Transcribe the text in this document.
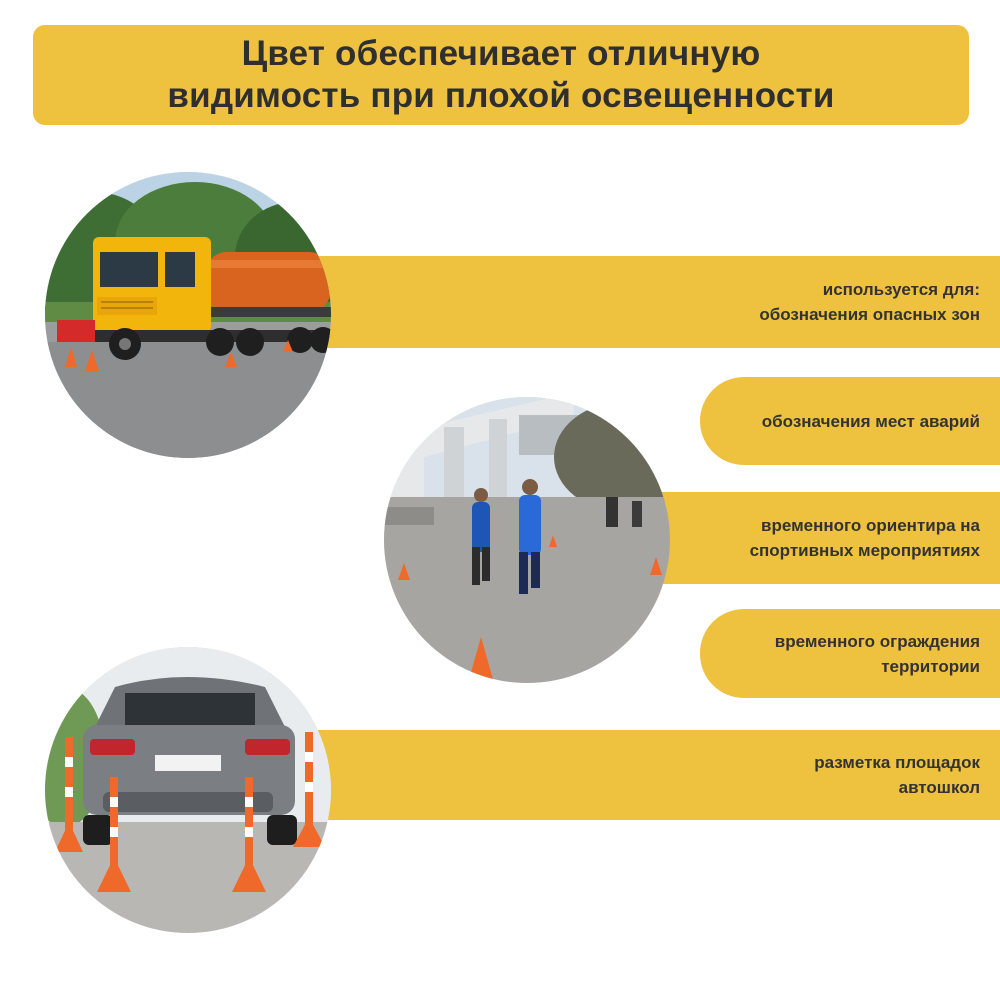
Цвет обеспечивает отличную
видимость при плохой освещенности
используется для:
обозначения опасных зон
обозначения мест аварий
временного ориентира на
спортивных мероприятиях
временного ограждения
территории
разметка площадок
автошкол
